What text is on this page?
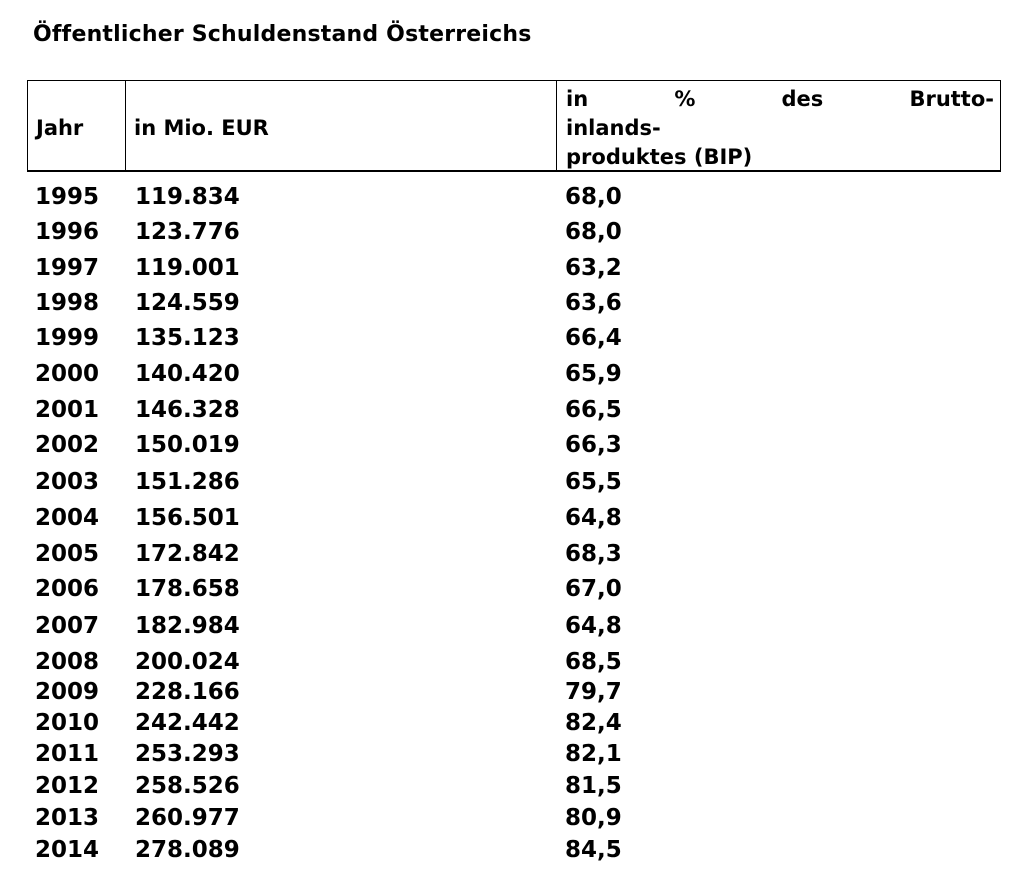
Öffentlicher Schuldenstand Österreichs
Jahr in Mio. EUR
in	%	des	Brutto-
inlands-
produktes (BIP)
1995 119.834	68,0
1996 123.776	68,0
1997 119.001	63,2
1998 124.559	63,6
1999 135.123	66,4
2000 140.420	65,9
2001 146.328	66,5
2002 150.019	66,3
2003 151.286	65,5
2004 156.501	64,8
2005 172.842	68,3
2006 178.658	67,0
2007 182.984	64,8
2008 200.024	68,5
2009 228.166	79,7
2010 242.442	82,4
2011 253.293	82,1
2012 258.526	81,5
2013 260.977	80,9
2014 278.089	84,5
